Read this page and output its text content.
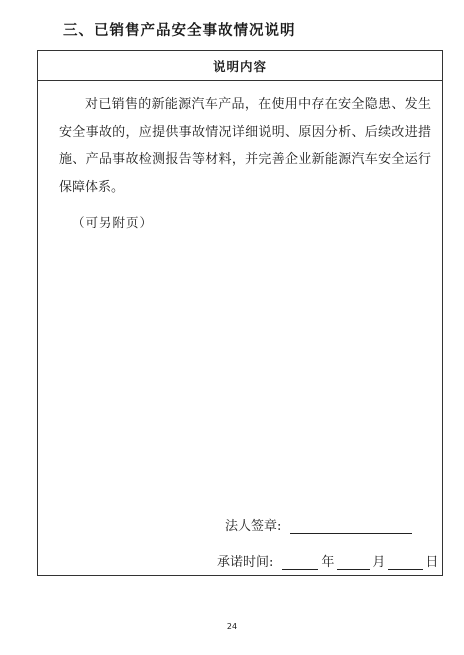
三、已销售产品安全事故情况说明
说明内容

对已销售的新能源汽车产品，在使用中存在安全隐患、发生安全事故的，应提供事故情况详细说明、原因分析、后续改进措施、产品事故检测报告等材料，并完善企业新能源汽车安全运行保障体系。

（可另附页）

法人签章:
承诺时间:	年	月	日
24
